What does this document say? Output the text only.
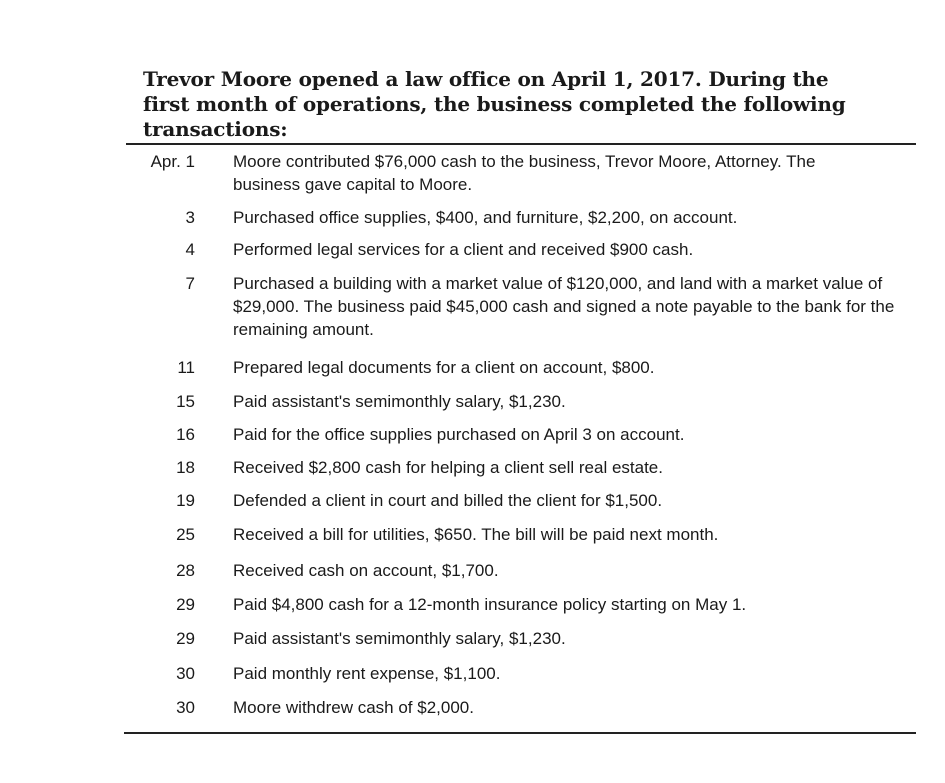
Trevor Moore opened a law office on April 1, 2017. During the first month of operations, the business completed the following transactions:
Apr. 1 Moore contributed $76,000 cash to the business, Trevor Moore, Attorney. The business gave capital to Moore.
3 Purchased office supplies, $400, and furniture, $2,200, on account.
4 Performed legal services for a client and received $900 cash.
7 Purchased a building with a market value of $120,000, and land with a market value of $29,000. The business paid $45,000 cash and signed a note payable to the bank for the remaining amount.
11 Prepared legal documents for a client on account, $800.
15 Paid assistant's semimonthly salary, $1,230.
16 Paid for the office supplies purchased on April 3 on account.
18 Received $2,800 cash for helping a client sell real estate.
19 Defended a client in court and billed the client for $1,500.
25 Received a bill for utilities, $650. The bill will be paid next month.
28 Received cash on account, $1,700.
29 Paid $4,800 cash for a 12-month insurance policy starting on May 1.
29 Paid assistant's semimonthly salary, $1,230.
30 Paid monthly rent expense, $1,100.
30 Moore withdrew cash of $2,000.
